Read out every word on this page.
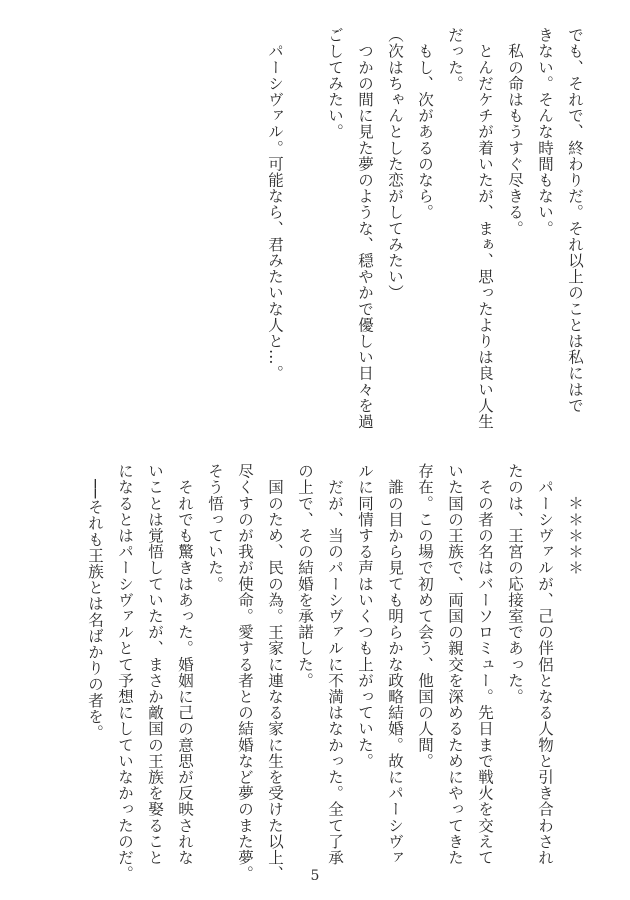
でも、それで、終わりだ。それ以上のことは私にはで

きない。そんな時間もない。

　私の命はもうすぐ尽きる。

　とんだケチが着いたが、まぁ、思ったよりは良い人生

だった。

　もし、次があるのなら。

（次はちゃんとした恋がしてみたい）

　つかの間に見た夢のような、穏やかで優しい日々を過

ごしてみたい。

　パーシヴァル。可能なら、君みたいな人と…。

　　＊＊＊＊＊

　パーシヴァルが、己の伴侶となる人物と引き合わされ

たのは、王宮の応接室であった。

　その者の名はバーソロミュー。先日まで戦火を交えて

いた国の王族で、両国の親交を深めるためにやってきた

存在。この場で初めて会う、他国の人間。

　誰の目から見ても明らかな政略結婚。故にパーシヴァ

ルに同情する声はいくつも上がっていた。

　だが、当のパーシヴァルに不満はなかった。全て了承

の上で、その結婚を承諾した。

　国のため、民の為。王家に連なる家に生を受けた以上、

尽くすのが我が使命。愛する者との結婚など夢のまた夢。

そう悟っていた。

　それでも驚きはあった。婚姻に己の意思が反映されな

いことは覚悟していたが、まさか敵国の王族を娶ること

になるとはパーシヴァルとて予想にしていなかったのだ。

　──それも王族とは名ばかりの者を。

5
